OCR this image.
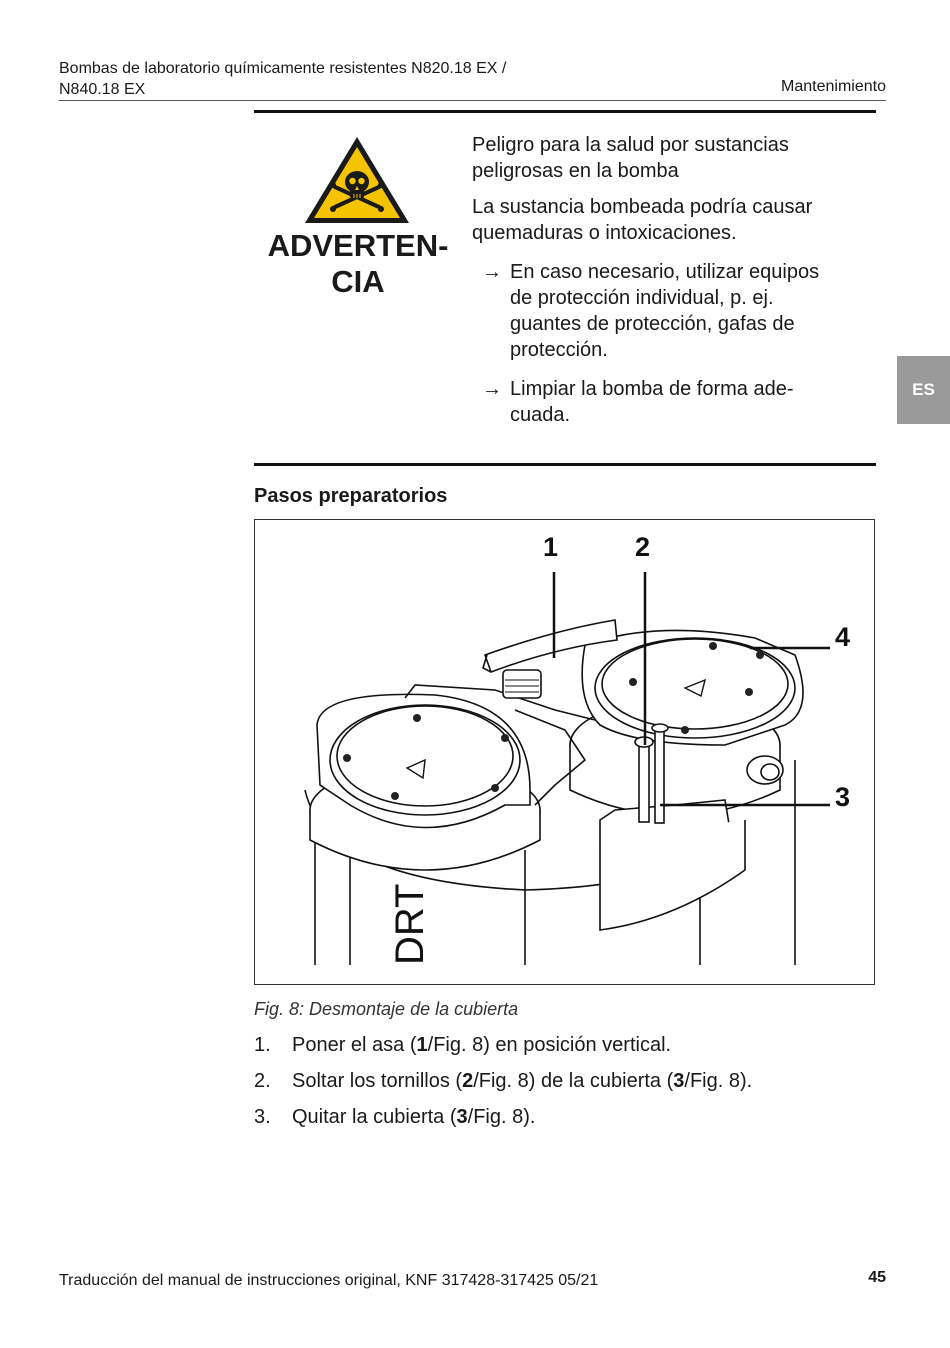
Bombas de laboratorio químicamente resistentes N820.18 EX /
N840.18 EX	Mantenimiento
ES
ADVERTEN-
CIA
Peligro para la salud por sustancias
peligrosas en la bomba
La sustancia bombeada podría causar
quemaduras o intoxicaciones.
→ En caso necesario, utilizar equipos
de protección individual, p. ej.
guantes de protección, gafas de
protección.
→ Limpiar la bomba de forma ade-
cuada.
Pasos preparatorios
DRT
1	2
4
3
Fig. 8: Desmontaje de la cubierta
1. Poner el asa (1/Fig. 8) en posición vertical.
2. Soltar los tornillos (2/Fig. 8) de la cubierta (3/Fig. 8).
3. Quitar la cubierta (3/Fig. 8).
Traducción del manual de instrucciones original, KNF 317428-317425 05/21	45
